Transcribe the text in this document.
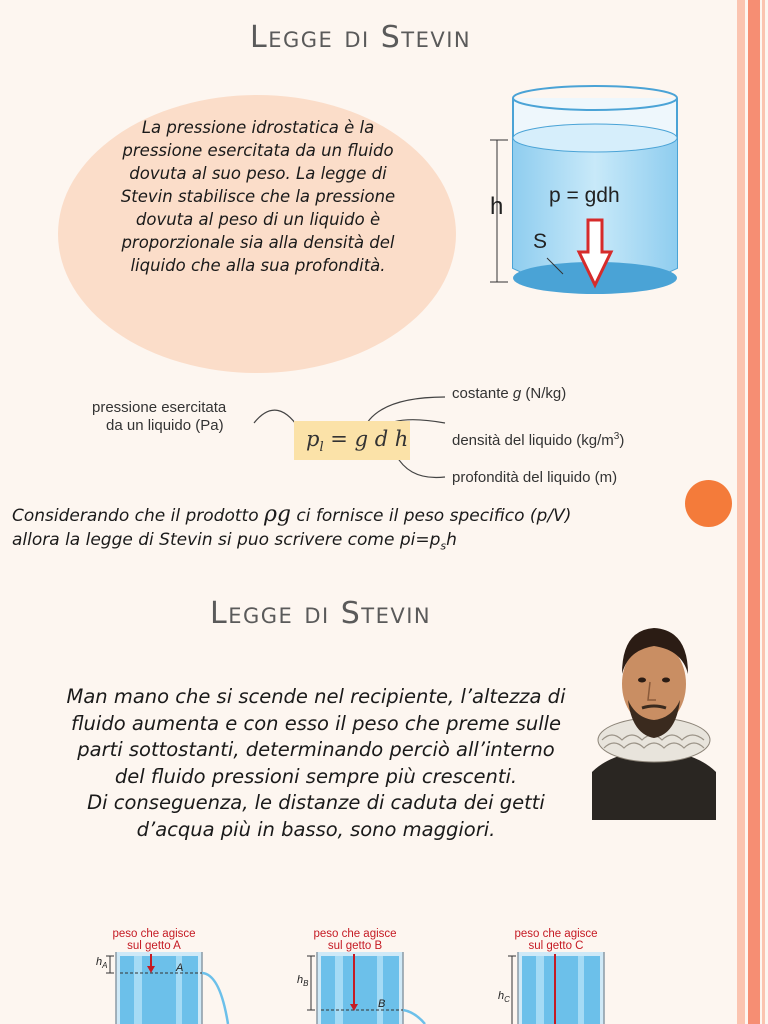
Legge di Stevin
La pressione idrostatica è la pressione esercitata da un fluido dovuta al suo peso. La legge di Stevin stabilisce che la pressione dovuta al peso di un liquido è proporzionale sia alla densità del liquido che alla sua profondità.
h p = gdh
S
pressione esercitata
da un liquido (Pa)
$p_l = g$ d h
costante g (N/kg)
densità del liquido $(kg/m^3)$
profondità del liquido (m)
Considerando che il prodotto ρg ci fornisce il peso specifico (p/V)
allora la legge di Stevin si puo scrivere come $pi=p_sh$
Legge di Stevin
Man mano che si scende nel recipiente, l’altezza di
fluido aumenta e con esso il peso che preme sulle
parti sottostanti, determinando perciò all’interno
del fluido pressioni sempre più crescenti.
Di conseguenza, le distanze di caduta dei getti
d’acqua più in basso, sono maggiori.
peso che agisce
sul getto A
peso che agisce
sul getto B
peso che agisce
sul getto C
$h_A$	A
$h_B$
B
$h_C$
